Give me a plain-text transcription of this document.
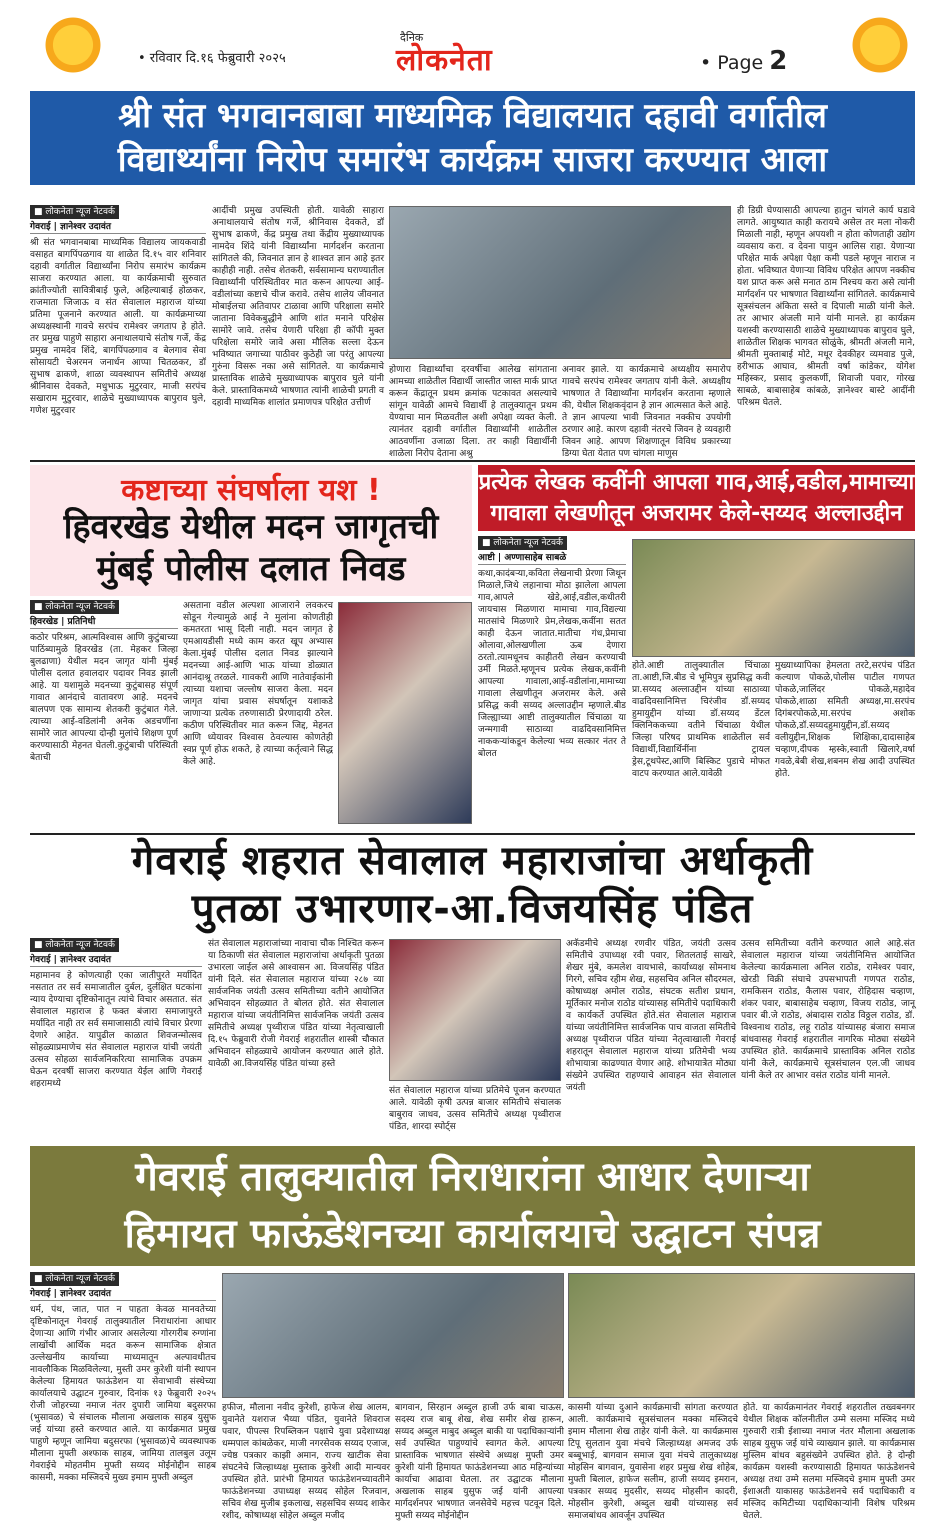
• रविवार दि.१६ फेब्रुवारी २०२५
दैनिक
लोकनेता	• Page 2
श्री संत भगवानबाबा माध्यमिक विद्यालयात दहावी वर्गातील
विद्यार्थ्यांना निरोप समारंभ कार्यक्रम साजरा करण्यात आला
■ लोकनेता न्यूज नेटवर्क
गेवराई | ज्ञानेश्वर उदावंत
श्री संत भगवानबाबा माध्यमिक विद्यालय जायकवाडी वसाहत बागपिंपळगाव या शाळेत दि.१५ वार शनिवार दहावी वर्गातील विद्यार्थ्यांना निरोप समारंभ कार्यक्रम साजरा करण्यात आला. या कार्यक्रमाची सुरुवात क्रांतीज्योती सावित्रीबाई फुले, अहिल्याबाई होळकर, राजमाता जिजाऊ व संत सेवालाल महाराज यांच्या प्रतिमा पूजनाने करण्यात आली. या कार्यक्रमाच्या अध्यक्षस्थानी गावचे सरपंच रामेश्वर जगताप हे होते. तर प्रमुख पाहुणे साहारा अनाथालयाचे संतोष गर्जे, केंद्र प्रमुख नामदेव शिंदे, बागपिंपळगाव व बेलगाव सेवा सोसायटी चेअरमन जनार्धन आप्पा चितळकर, डॉ सुभाष ढाकणे, शाळा व्यवस्थापन समितीचे अध्यक्ष श्रीनिवास देवकते, मधुभाऊ मुटुरवार, माजी सरपंच सखाराम मुटुरवार, शाळेचे मुख्याध्यापक बापुराव घुले, गणेश मुटुरवार
आदींची प्रमुख उपस्थिती होती. यावेळी साहारा अनाथालयाचे संतोष गर्जे, श्रीनिवास देवकते, डॉ सुभाष ढाकणे, केंद्र प्रमुख तथा केंद्रीय मुख्याध्यापक नामदेव शिंदे यांनी विद्यार्थ्यांना मार्गदर्शन करताना सांगितले की, जिवनात ज्ञान हे शाश्वत ज्ञान आहे इतर काहीही नाही. तसेच शेतकरी, सर्वसामान्य घराण्यातील विद्यार्थ्यांनी परिस्थितीवर मात करून आपल्या आई-वडीलांच्या कष्टाचे चीज करावे. तसेच शालेय जीवनात मोबाईलचा अतिवापर टाळावा आणि परिक्षाला समोरे जाताना विवेकबुद्धीने आणि शांत मनाने परिक्षेस सामोरे जावे. तसेच येणारी परिक्षा ही कॉपी मुक्त परिक्षेला समोरे जावे असा मौलिक सल्ला देऊन भविष्यात जगाच्या पाठीवर कुठेही जा परंतु आपल्या गुरुंना विसरू नका असे सांगितले. या कार्यक्रमाचे प्रास्ताविक शाळेचे मुख्याध्यापक बापुराव घुले यांनी केले. प्रास्ताविकमध्ये भाषणात त्यांनी शाळेची प्रगती व दहावी माध्यमिक शालांत प्रमाणपत्र परिक्षेत उत्तीर्ण
होणारा विद्यार्थ्यांचा दरवर्षीचा आलेख सांगताना आमच्या शाळेतील विद्यार्थी जास्तीत जास्त मार्क प्राप्त करून केंद्रातून प्रथम क्रमांक पटकावत असल्याचे सांगून यावेळी आमचे विद्यार्थी हे तालुक्यातून प्रथम येण्याचा मान मिळवतील अशी अपेक्षा व्यक्त केली. त्यानंतर दहावी वर्गातील विद्यार्थ्यांनी शाळेतील आठवणींना उजाळा दिला. तर काही विद्यार्थीनी शाळेला निरोप देताना अश्रु
अनावर झाले. या कार्यक्रमाचे अध्यक्षीय समारोप गावचे सरपंच रामेश्वर जगताप यांनी केले. अध्यक्षीय भाषणात ते विद्यार्थ्यांना मार्गदर्शन करताना म्हणाले की, येथील शिक्षकवृंदान हे ज्ञान आत्मसात केले आहे. ते ज्ञान आपल्या भावी जिवनात नक्कीच उपयोगी ठरणार आहे. कारण दहावी नंतरचे जिवन हे व्यवहारी जिवन आहे. आपण शिक्षणातून विविध प्रकारच्या डिग्या घेता येतात पण चांगला माणुस
ही डिग्री घेण्यासाठी आपल्या हातुन चांगले कार्य घडावे लागते. आयुष्यात काही करायचे असेल तर मला नोकरी मिळाली नाही, म्हणून अपयशी न होता कोणताही उद्योग व्यवसाय करा. व देवना पायुन आलिस राहा. येणाऱ्या परिक्षेत मार्क अपेक्षा पेक्षा कमी पडले म्हणून नाराज न होता. भविष्यात येणाऱ्या विविध परिक्षेत आपण नक्कीच यश प्राप्त करू असे मनात ठाम निश्चय करा असे त्यांनी मार्गदर्शन पर भाषणात विद्यार्थ्यांना सांगितले. कार्यक्रमाचे सूत्रसंचलन अंकिता सस्ते व दिपाली माळी यांनी केले. तर आभार अंजली माने यांनी मानले. हा कार्यक्रम यशस्वी करण्यासाठी शाळेचे मुख्याध्यापक बापुराव घुले, शाळेतील शिक्षक भागवत सोळुंके, श्रीमती अंजली माने, श्रीमती मुक्ताबाई मोटे, मधूर देवकीहर व्यमवाड पुजे, हरीभाऊ आघाव, श्रीमती वर्षा कांडेकर, योगेश महिस्कर, प्रसाद कुलकर्णी, शिवाजी पवार, गोरख साबळे, बाबासाहेब कांबळे, ज्ञानेश्वर बास्टे आदींनी परिश्रम घेतले.
कष्टाच्या संघर्षाला यश !
हिवरखेड येथील मदन जागृतची
मुंबई पोलीस दलात निवड
■ लोकनेता न्यूज नेटवर्क
हिवरखेड | प्रतिनिधी
कठोर परिश्रम, आत्मविश्वास आणि कुटुंबाच्या पाठिंब्यामुळे हिवरखेड (ता. मेहकर जिल्हा बुलढाणा) येथील मदन जागृत यांनी मुंबई पोलीस दलात हवालदार पदावर निवड झाली आहे. या यशामुळे मदनच्या कुटुंबासह संपूर्ण गावात आनंदाचे वातावरण आहे. मदनचे बालपण एक सामान्य शेतकरी कुटुंबात गेले. त्याच्या आई-वडिलांनी अनेक अडचणींना सामोरे जात आपल्या दोन्ही मुलांचे शिक्षण पूर्ण करण्यासाठी मेहनत घेतली.कुटुंबाची परिस्थिती बेताची
असताना वडील अल्पशा आजाराने लवकरच सोडून गेल्यामुळे आई ने मुलांना कोणतीही कमतरता भासू दिली नाही. मदन जागृत हे एमआयडीसी मध्ये काम करत खूप अभ्यास केला.मुंबई पोलीस दलात निवड झाल्याने मदनच्या आई-आणि भाऊ यांच्या डोळ्यात आनंदाश्रू तरळले. गावकरी आणि नातेवाईकांनी त्याच्या यशाचा जल्लोष साजरा केला. मदन जागृत यांचा प्रवास संघर्षातून यशाकडे जाणाऱ्या प्रत्येक तरुणासाठी प्रेरणादायी ठरेल. कठीण परिस्थितीवर मात करून जिद्द, मेहनत आणि ध्येयावर विश्वास ठेवल्यास कोणतेही स्वप्न पूर्ण होऊ शकते, हे त्याच्या कर्तृत्वाने सिद्ध केले आहे.
प्रत्येक लेखक कवींनी आपला गाव,आई,वडील,मामाच्या
गावाला लेखणीतून अजरामर केले-सय्यद अल्लाउद्दीन
■ लोकनेता न्यूज नेटवर्क
आष्टी | अण्णासाहेब साबळे
कथा,कादंबऱ्या,कविता लेखनाची प्रेरणा जिथून मिळाले,जिथे लहानाचा मोठा झालेला आपला गाव,आपले खेडे,आई,वडील,कधीतरी जायचास मिळणारा मामाचा गाव,विद्यल्या मातसांचे मिळणारे प्रेम,लेखक,कवींना सतत काही देऊन जातात.मातीचा गंध,प्रेमाचा ओलावा,ओलखणीला ऊब देणारा ठरतो.त्यामधूनच काहीतरी लेखन करण्याची उर्मी मिळते.म्हणूनच प्रत्येक लेखक,कवींनी आपल्या गावाला,आई-वडीलांना,मामाच्या गावाला लेखणीतून अजरामर केले. असे प्रसिद्ध कवी सय्यद अल्लाउद्दीन म्हणाले.बीड जिल्ह्याच्या आष्टी तालुक्यातील चिंचाळा या जन्मगावी साठाव्या वाढदिवसानिमित्त नाककऱ्यांकडून केलेल्या भव्य सत्कार नंतर ते बोलत
होते.आष्टी तालुक्यातील चिंचाळा ता.आष्टी,जि.बीड चे भूमिपुत्र सुप्रसिद्ध कवी प्रा.सय्यद अल्लाउद्दीन यांच्या साठाव्या वाढदिवसानिमित्त चिरंजीव डॉ.सय्यद हुमायुद्दीन यांच्या डॉ.सय्यद डेंटल क्लिनिककच्या वतीने चिंचाळा येथील जिल्हा परिषद प्राथमिक शाळेतील सर्व विद्यार्थी,विद्यार्थिनींना ट्रायल ड्रेस,टूथपेस्ट,आणि बिस्किट पुडाचे मोफत वाटप करण्यात आले.यावेळी
मुख्याध्यापिका हेमलता तरटे,सरपंच पंडित कल्याण पोकळे,पोलीस पाटील गणपत पोकळे,जालिंदर पोकळे,महादेव पोकळे,शाळा समिती अध्यक्ष,मा.सरपंच दिगंबरपोकळे,मा.सरपंच अशोक पोकळे,डॉ.सय्यदहुमायुद्दीन,डॉ.सय्यद वलीयुद्दीन,शिक्षक शिक्षिका,दादासाहेब चव्हाण,दीपक म्हस्के,स्वाती खिलारे,वर्षा गवळे,बेबी शेख,शबनम शेख आदी उपस्थित होते.
गेवराई शहरात सेवालाल महाराजांचा अर्धाकृती
पुतळा उभारणार-आ.विजयसिंह पंडित
■ लोकनेता न्यूज नेटवर्क
गेवराई | ज्ञानेश्वर उदावंत
महामानव हे कोणत्याही एका जातीपुरते मर्यादित नसतात तर सर्व समाजातील दुर्बल, दुर्लक्षित घटकांना न्याय देण्याचा दृष्टिकोनातून त्यांचे विचार असतात. संत सेवालाल महाराज हे फक्त बंजारा समाजापुरते मर्यादित नाही तर सर्व समाजासाठी त्यांचे विचार प्रेरणा देणारे आहेत. यापुढील काळात शिवजन्मोत्सव सोहळ्याप्रमाणेच संत सेवालाल महाराज यांची जयंती उत्सव सोहळा सार्वजनिकरित्या सामाजिक उपक्रम घेऊन दरवर्षी साजरा करण्यात येईल आणि गेवराई शहरामध्ये
संत सेवालाल महाराजांच्या नावाचा चौक निश्चित करून या ठिकाणी संत सेवालाल महाराजांचा अर्धाकृती पुतळा उभारला जाईल असे आश्वासन आ. विजयसिंह पंडित यांनी दिले. संत सेवालाल महाराज यांच्या २८७ व्या सार्वजनिक जयंती उत्सव समितीच्या वतीने आयोजित अभिवादन सोहळ्यात ते बोलत होते. संत सेवालाल महाराज यांच्या जयंतीनिमित्त सार्वजनिक जयंती उत्सव समितीचे अध्यक्ष पृथ्वीराज पंडित यांच्या नेतृत्वाखाली दि.१५ फेब्रुवारी रोजी गेवराई शहरातील शास्त्री चौकात अभिवादन सोहळ्याचे आयोजन करण्यात आले होते. यावेळी आ.विजयसिंह पंडित यांच्या हस्ते
संत सेवालाल महाराज यांच्या प्रतिमेचे पूजन करण्यात आले. यावेळी कृषी उत्पन्न बाजार समितीचे संचालक बाबुराव जाधव, उत्सव समितीचे अध्यक्ष पृथ्वीराज पंडित, शारदा स्पोर्ट्स
अकॅडमीचे अध्यक्ष रणवीर पंडित, जयंती उत्सव समितीचे उपाध्यक्ष रवी पवार, शितलताई साखरे, शेखर मुंबे, कमलेश वायभासे, कार्याध्यक्ष सोमनाथ गिरगे, सचिव रहीम शेख, सहसचिव अनिल सौदरमल, कोषाध्यक्ष अमोल राठोड, संघटक सतीश प्रधान, मूर्तिकार मनोज राठोड यांच्यासह समितीचे पदाधिकारी व कार्यकर्ते उपस्थित होते.संत सेवालाल महाराज यांच्या जयंतीनिमित्त सार्वजनिक पाच वाजता समितीचे अध्यक्ष पृथ्वीराज पंडित यांच्या नेतृत्वाखाली गेवराई शहरातून सेवालाल महाराज यांच्या प्रतिमेची भव्य शोभायात्रा काढण्यात येणार आहे. शोभायात्रेत मोठ्या संख्येने उपस्थित राहण्याचे आवाहन संत सेवालाल जयंती
उत्सव समितीच्या वतीने करण्यात आले आहे.संत सेवालाल महाराज यांच्या जयंतीनिमित्त आयोजित केलेल्या कार्यक्रमाला अनिल राठोड, रामेश्वर पवार, खेरडी विक्री संघाचे उपसभापती गणपत राठोड, रामकिसन राठोड, कैलास पवार, रोहिदास चव्हाण, शंकर पवार, बाबासाहेब चव्हाण, विजय राठोड, जानू पवार बी.जे राठोड, अंबादास राठोड विठ्ठल राठोड, डॉ. विश्वनाथ राठोड, लहू राठोड यांच्यासह बंजारा समाज बांधवासह गेवराई शहरातील नागरिक मोठ्या संख्येने उपस्थित होते. कार्यक्रमाचे प्रास्ताविक अनिल राठोड यांनी केले, कार्यक्रमाचे सूत्रसंचालन एल.जी जाधव यांनी केले तर आभार वसंत राठोड यांनी मानले.
गेवराई तालुक्यातील निराधारांना आधार देणाऱ्या
हिमायत फाऊंडेशनच्या कार्यालयाचे उद्घाटन संपन्न
■ लोकनेता न्यूज नेटवर्क
गेवराई | ज्ञानेश्वर उदावंत
धर्म, पंथ, जात, पात न पाहता केवळ मानवतेच्या दृष्टिकोनातून गेवराई तालुक्यातील निराधारांना आधार देणाऱ्या आणि गंभीर आजार असलेल्या गोरगरीब रुग्णांना लाखोंची आर्थिक मदत करून सामाजिक क्षेत्रात उल्लेखनीय कार्याच्या माध्यमातून अल्पावधीतच नावलौकिक मिळविलेल्या, मुस्ती उमर कुरेशी यांनी स्थापन केलेल्या हिमायत फाऊंडेशन या सेवाभावी संस्थेच्या कार्यालयाचे उद्घाटन गुरुवार, दिनांक १३ फेब्रुवारी २०२५ रोजी जोहरच्या नमाज नंतर दुपारी जामिया बदुसरफा (भुसावळ) चे संचालक मौलाना अखलाक साहब युसुफ जई यांच्या हस्ते करण्यात आले. या कार्यक्रमात प्रमुख पाहुणे म्हणून जामिया बदुसरफा (भुसावळ)चे व्यवस्थापक मौलाना मुफ्ती अश्फाक साहब, जामिया तालबुल उलूम गेवराईचे मोहतमीम मुफ्ती सय्यद मोईनोद्दीन साहब कासमी, मक्का मस्जिदचे मुख्य इमाम मुफ्ती अब्दुल
हफीज, मौलाना नवीद कुरेशी, हाफेज शेख आलम, युवानेते यशराज भैय्या पंडित, युवानेते शिवराज पवार, पीपल्स रिपब्लिकन पक्षाचे युवा प्रदेशाध्यक्ष धम्मपाल कांबळेकर, माजी नगरसेवक सय्यद एजाज, ज्येष्ठ पत्रकार काझी अमान, राज्य खाटीक सेवा संघटनेचे जिल्हाध्यक्ष मुस्ताक कुरेशी आदी मान्यवर उपस्थित होते. प्रारंभी हिमायत फाऊंडेशनच्यावतीने फाऊंडेशनच्या उपाध्यक्ष सय्यद सोहेल रिजवान, सचिव शेख मुजीब इकलाख, सहसचिव सय्यद शाकेर रशीद, कोषाध्यक्ष सोहेल अब्दुल मजीद
बागवान, सिरहान अब्दुल हाजी उर्फ बाबा चाऊस, सदस्य राज बाबू शेख, शेख समीर शेख हारून, सय्यद अब्दुल माबुद अब्दुल बाकी या पदाधिकाऱ्यांनी सर्व उपस्थित पाहुण्यांचे स्वागत केले. आपल्या प्रास्ताविक भाषणात संस्थेचे अध्यक्ष मुफ्ती उमर कुरेशी यांनी हिमायत फाऊंडेशनच्या आठ महिन्यांच्या कार्याचा आढावा घेतला. तर उद्घाटक मौलाना अखलाक साहब युसुफ जई यांनी आपल्या मार्गदर्शनपर भाषणात जनसेवेचे महत्त्व पटवून दिले. मुफ्ती सय्यद मोईनोद्दीन
कासमी यांच्या दुआने कार्यक्रमाची सांगता करण्यात आली. कार्यक्रमाचे सूत्रसंचालन मक्का मस्जिदचे इमाम मौलाना शेख ताहेर यांनी केले. या कार्यक्रमास टिपू सुलतान युवा मंचचे जिल्हाध्यक्ष अमजद उर्फ बब्बूभाई, बागवान समाज युवा मंचचे तालुकाध्यक्ष मोहसिन बागवान, युवासेना शहर प्रमुख शेख शोहेब, मुफ्ती बिलाल, हाफेज सलीम, हाजी सय्यद इमरान, पत्रकार सय्यद मुदसीर, सय्यद मोहसीन कादरी, मोहसीन कुरेशी, अब्दुल खबी यांच्यासह सर्व समाजबांधव आवर्जून उपस्थित
होते. या कार्यक्रमानंतर गेवराई शहरातील तख्वबनगर येथील शिक्षक कॉलनीतील उम्मे सलमा मस्जिद मध्ये गुरुवारी रात्री ईशाच्या नमाज नंतर मौलाना अखलाक साहब युसुफ जई यांचे व्याख्यान झाले. या कार्यक्रमास मुस्लिम बांधव बहुसंख्येने उपस्थित होते. हे दोन्ही कार्यक्रम यशस्वी करण्यासाठी हिमायत फाऊंडेशनचे अध्यक्ष तथा उम्मे सलमा मस्जिदचे इमाम मुफ्ती उमर ईशाअती याकासह फाऊंडेशनचे सर्व पदाधिकारी व मस्जिद कमिटीच्या पदाधिकाऱ्यांनी विशेष परिश्रम घेतले.
